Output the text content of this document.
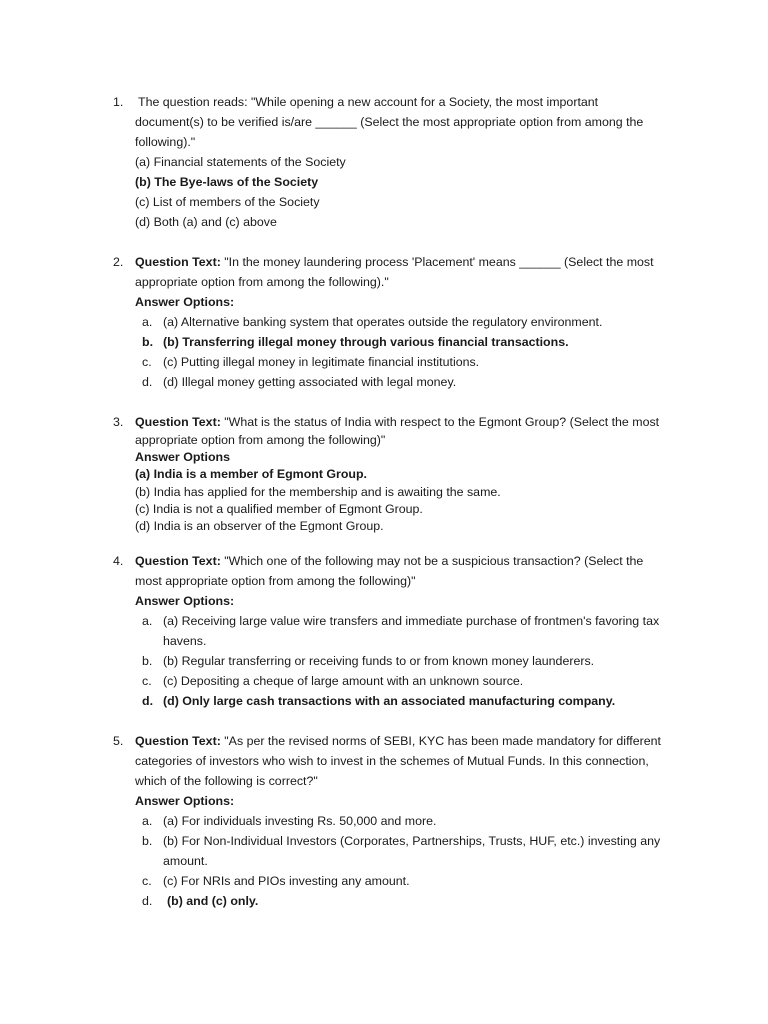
1. The question reads: "While opening a new account for a Society, the most important
document(s) to be verified is/are ______ (Select the most appropriate option from among the
following)."
(a) Financial statements of the Society
(b) The Bye-laws of the Society
(c) List of members of the Society
(d) Both (a) and (c) above
2. Question Text: "In the money laundering process 'Placement' means ______ (Select the most
appropriate option from among the following)."
Answer Options:
a. (a) Alternative banking system that operates outside the regulatory environment.
b. (b) Transferring illegal money through various financial transactions.
c. (c) Putting illegal money in legitimate financial institutions.
d. (d) Illegal money getting associated with legal money.
3. Question Text: "What is the status of India with respect to the Egmont Group? (Select the most
appropriate option from among the following)"
Answer Options
(a) India is a member of Egmont Group.
(b) India has applied for the membership and is awaiting the same.
(c) India is not a qualified member of Egmont Group.
(d) India is an observer of the Egmont Group.
4. Question Text: "Which one of the following may not be a suspicious transaction? (Select the
most appropriate option from among the following)"
Answer Options:
a. (a) Receiving large value wire transfers and immediate purchase of frontmen's favoring tax
havens.
b. (b) Regular transferring or receiving funds to or from known money launderers.
c. (c) Depositing a cheque of large amount with an unknown source.
d. (d) Only large cash transactions with an associated manufacturing company.
5. Question Text: "As per the revised norms of SEBI, KYC has been made mandatory for different
categories of investors who wish to invest in the schemes of Mutual Funds. In this connection,
which of the following is correct?"
Answer Options:
a. (a) For individuals investing Rs. 50,000 and more.
b. (b) For Non-Individual Investors (Corporates, Partnerships, Trusts, HUF, etc.) investing any
amount.
c. (c) For NRIs and PIOs investing any amount.
d. (b) and (c) only.
